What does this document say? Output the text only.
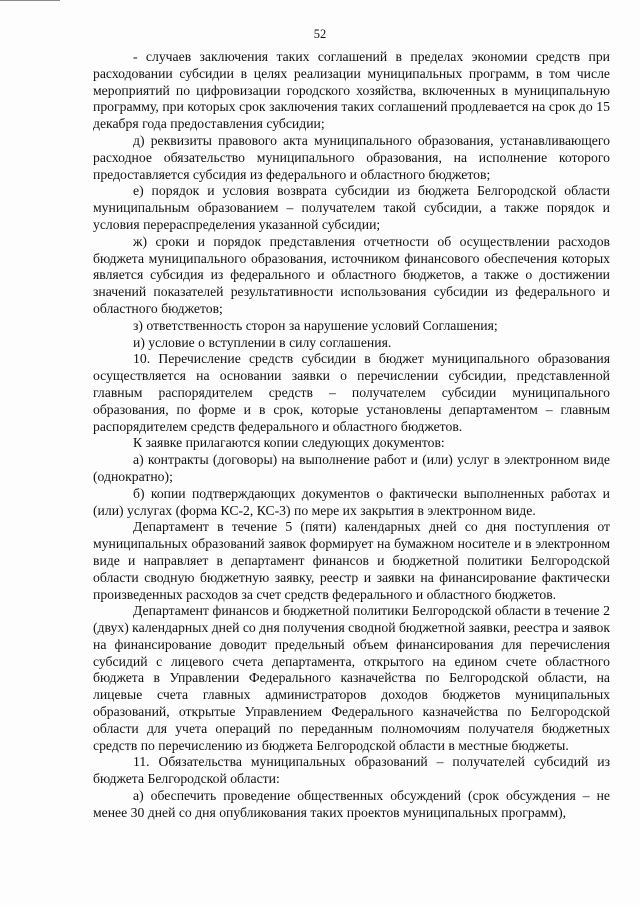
52

- случаев заключения таких соглашений в пределах экономии средств при расходовании субсидии в целях реализации муниципальных программ, в том числе мероприятий по цифровизации городского хозяйства, включенных в муниципальную программу, при которых срок заключения таких соглашений продлевается на срок до 15 декабря года предоставления субсидии;

д) реквизиты правового акта муниципального образования, устанавливающего расходное обязательство муниципального образования, на исполнение которого предоставляется субсидия из федерального и областного бюджетов;

е) порядок и условия возврата субсидии из бюджета Белгородской области муниципальным образованием – получателем такой субсидии, а также порядок и условия перераспределения указанной субсидии;

ж) сроки и порядок представления отчетности об осуществлении расходов бюджета муниципального образования, источником финансового обеспечения которых является субсидия из федерального и областного бюджетов, а также о достижении значений показателей результативности использования субсидии из федерального и областного бюджетов;

з) ответственность сторон за нарушение условий Соглашения;

и) условие о вступлении в силу соглашения.

10. Перечисление средств субсидии в бюджет муниципального образования осуществляется на основании заявки о перечислении субсидии, представленной главным распорядителем средств – получателем субсидии муниципального образования, по форме и в срок, которые установлены департаментом – главным распорядителем средств федерального и областного бюджетов.

К заявке прилагаются копии следующих документов:

а) контракты (договоры) на выполнение работ и (или) услуг в электронном виде (однократно);

б) копии подтверждающих документов о фактически выполненных работах и (или) услугах (форма КС-2, КС-3) по мере их закрытия в электронном виде.

Департамент в течение 5 (пяти) календарных дней со дня поступления от муниципальных образований заявок формирует на бумажном носителе и в электронном виде и направляет в департамент финансов и бюджетной политики Белгородской области сводную бюджетную заявку, реестр и заявки на финансирование фактически произведенных расходов за счет средств федерального и областного бюджетов.

Департамент финансов и бюджетной политики Белгородской области в течение 2 (двух) календарных дней со дня получения сводной бюджетной заявки, реестра и заявок на финансирование доводит предельный объем финансирования для перечисления субсидий с лицевого счета департамента, открытого на едином счете областного бюджета в Управлении Федерального казначейства по Белгородской области, на лицевые счета главных администраторов доходов бюджетов муниципальных образований, открытые Управлением Федерального казначейства по Белгородской области для учета операций по переданным полномочиям получателя бюджетных средств по перечислению из бюджета Белгородской области в местные бюджеты.

11. Обязательства муниципальных образований – получателей субсидий из бюджета Белгородской области:

а) обеспечить проведение общественных обсуждений (срок обсуждения – не менее 30 дней со дня опубликования таких проектов муниципальных программ),
